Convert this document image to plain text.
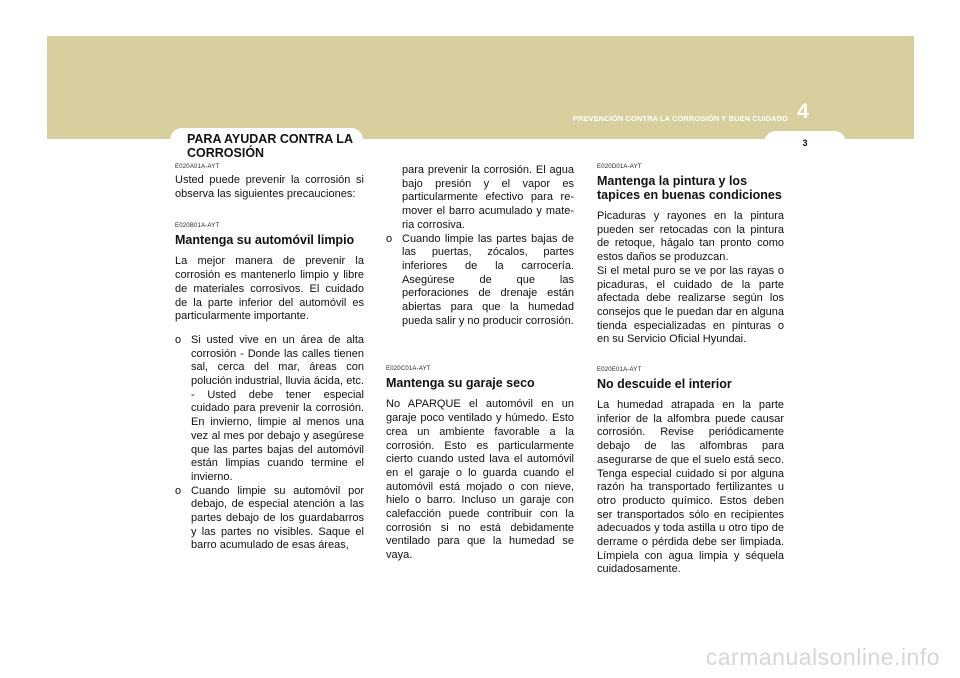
PREVENCIÓN CONTRA LA CORROSIÓN Y BUEN CUIDADO 4
3
PARA AYUDAR CONTRA LA CORROSIÓN
E020A01A-AYT

Usted puede prevenir la corrosión si observa las siguientes precauciones:

E020B01A-AYT
Mantenga su automóvil limpio

La mejor manera de prevenir la corrosión es mantenerlo limpio y libre de materiales corrosivos. El cuidado de la parte inferior del automóvil es particularmente importante.

o Si usted vive en un área de alta corrosión - Donde las calles tienen sal, cerca del mar, áreas con polución industrial, lluvia ácida, etc. - Usted debe tener especial cuidado para prevenir la corrosión. En invierno, limpie al menos una vez al mes por debajo y asegúrese que las partes bajas del automóvil están limpias cuando termine el invierno.
o Cuando limpie su automóvil por debajo, de especial atención a las partes debajo de los guardabarros y las partes no visibles. Saque el barro acumulado de esas áreas,
para prevenir la corrosión. El agua bajo presión y el vapor es particularmente efectivo para re-mover el barro acumulado y mate-ria corrosiva.
o Cuando limpie las partes bajas de las puertas, zócalos, partes inferiores de la carrocería. Asegúrese de que las perforaciones de drenaje están abiertas para que la humedad pueda salir y no producir corrosión.
E020C01A-AYT
Mantenga su garaje seco

No APARQUE el automóvil en un garaje poco ventilado y húmedo. Esto crea un ambiente favorable a la corrosión. Esto es particularmente cierto cuando usted lava el automóvil en el garaje o lo guarda cuando el automóvil está mojado o con nieve, hielo o barro. Incluso un garaje con calefacción puede contribuir con la corrosión si no está debidamente ventilado para que la humedad se vaya.

E020D01A-AYT
Mantenga la pintura y los tapices en buenas condiciones

Picaduras y rayones en la pintura pueden ser retocadas con la pintura de retoque, hágalo tan pronto como estos daños se produzcan.

Si el metal puro se ve por las rayas o picaduras, el cuidado de la parte afectada debe realizarse según los consejos que le puedan dar en alguna tienda especializadas en pinturas o en su Servicio Oficial Hyundai.

E020E01A-AYT
No descuide el interior

La humedad atrapada en la parte inferior de la alfombra puede causar corrosión. Revise periódicamente debajo de las alfombras para asegurarse de que el suelo está seco. Tenga especial cuidado si por alguna razón ha transportado fertilizantes u otro producto químico. Estos deben ser transportados sólo en recipientes adecuados y toda astilla u otro tipo de derrame o pérdida debe ser limpiada. Límpiela con agua limpia y séquela cuidadosamente.

carmanualsonline.info
